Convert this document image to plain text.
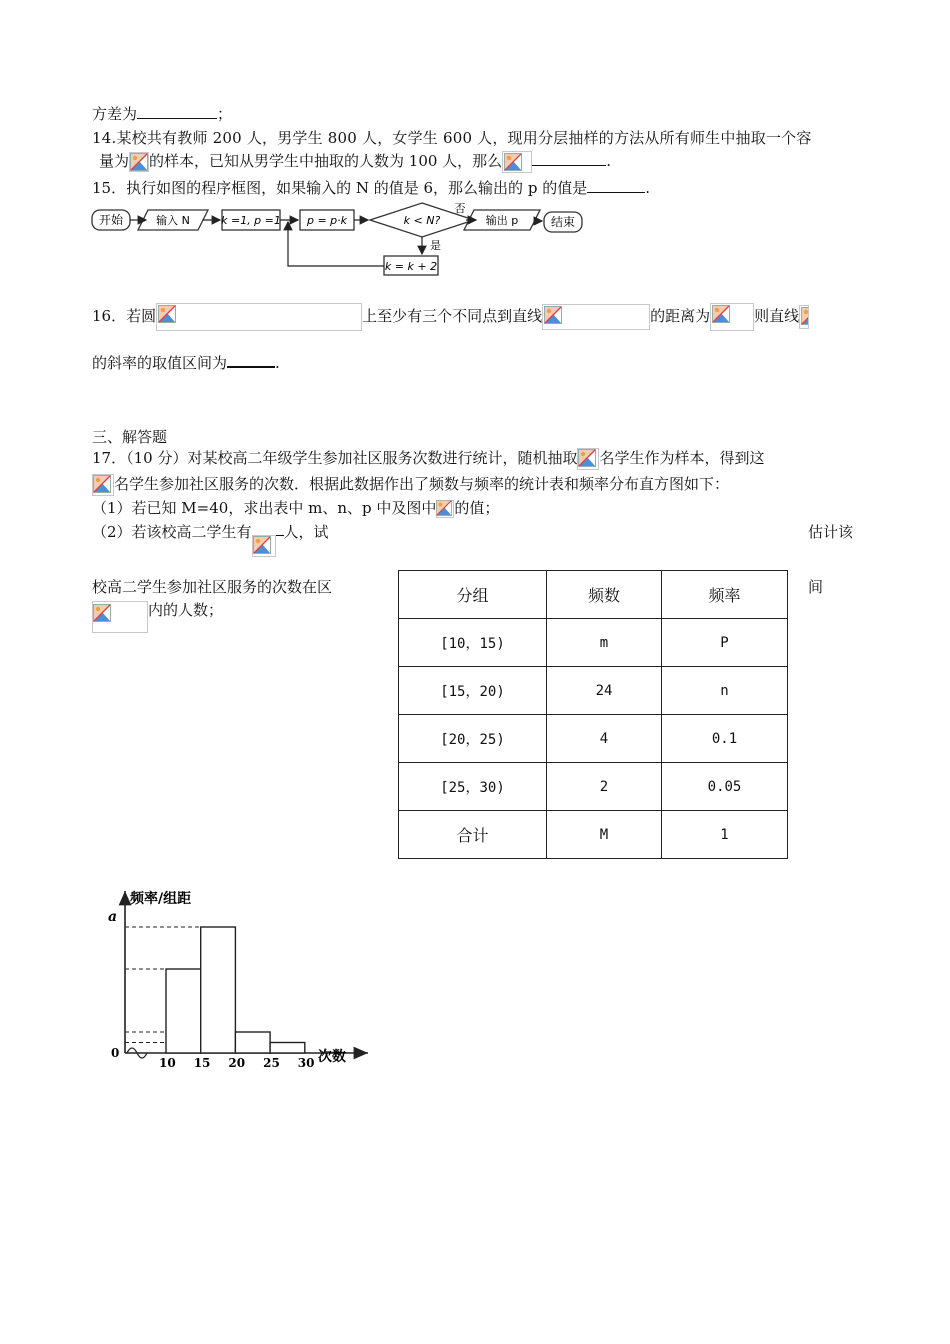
方差为	；
14.某校共有教师 200 人，男学生 800 人，女学生 600 人，现用分层抽样的方法从所有师生中抽取一个容
量为 的样本，已知从男学生中抽取的人数为 100 人，那么	.
15．执行如图的程序框图，如果输入的 N 的值是 6，那么输出的 p 的值是	.
开始	输入 N	k =1, p =1 p = p·k	k < N?
否
是
输出 p	结束
k = k + 2
16．若圆	上至少有三个不同点到直线	的距离为	则直线
的斜率的取值区间为	.
三、解答题
17．（10 分）对某校高二年级学生参加社区服务次数进行统计，随机抽取 名学生作为样本，得到这
名学生参加社区服务的次数．根据此数据作出了频数与频率的统计表和频率分布直方图如下：
（1）若已知 M=40，求出表中 m、n、p 中及图中 的值；
（2）若该校高二学生有 人，试	估计该
校高二学生参加社区服务的次数在区	间
内的人数；
分组	频数	频率
[10，15)	m	P
[15，20)	24	n
[20，25)	4	0.1
[25，30)	2	0.05
合计	M	1
频率/组距
次数
a
0
10 15 20 25 30
